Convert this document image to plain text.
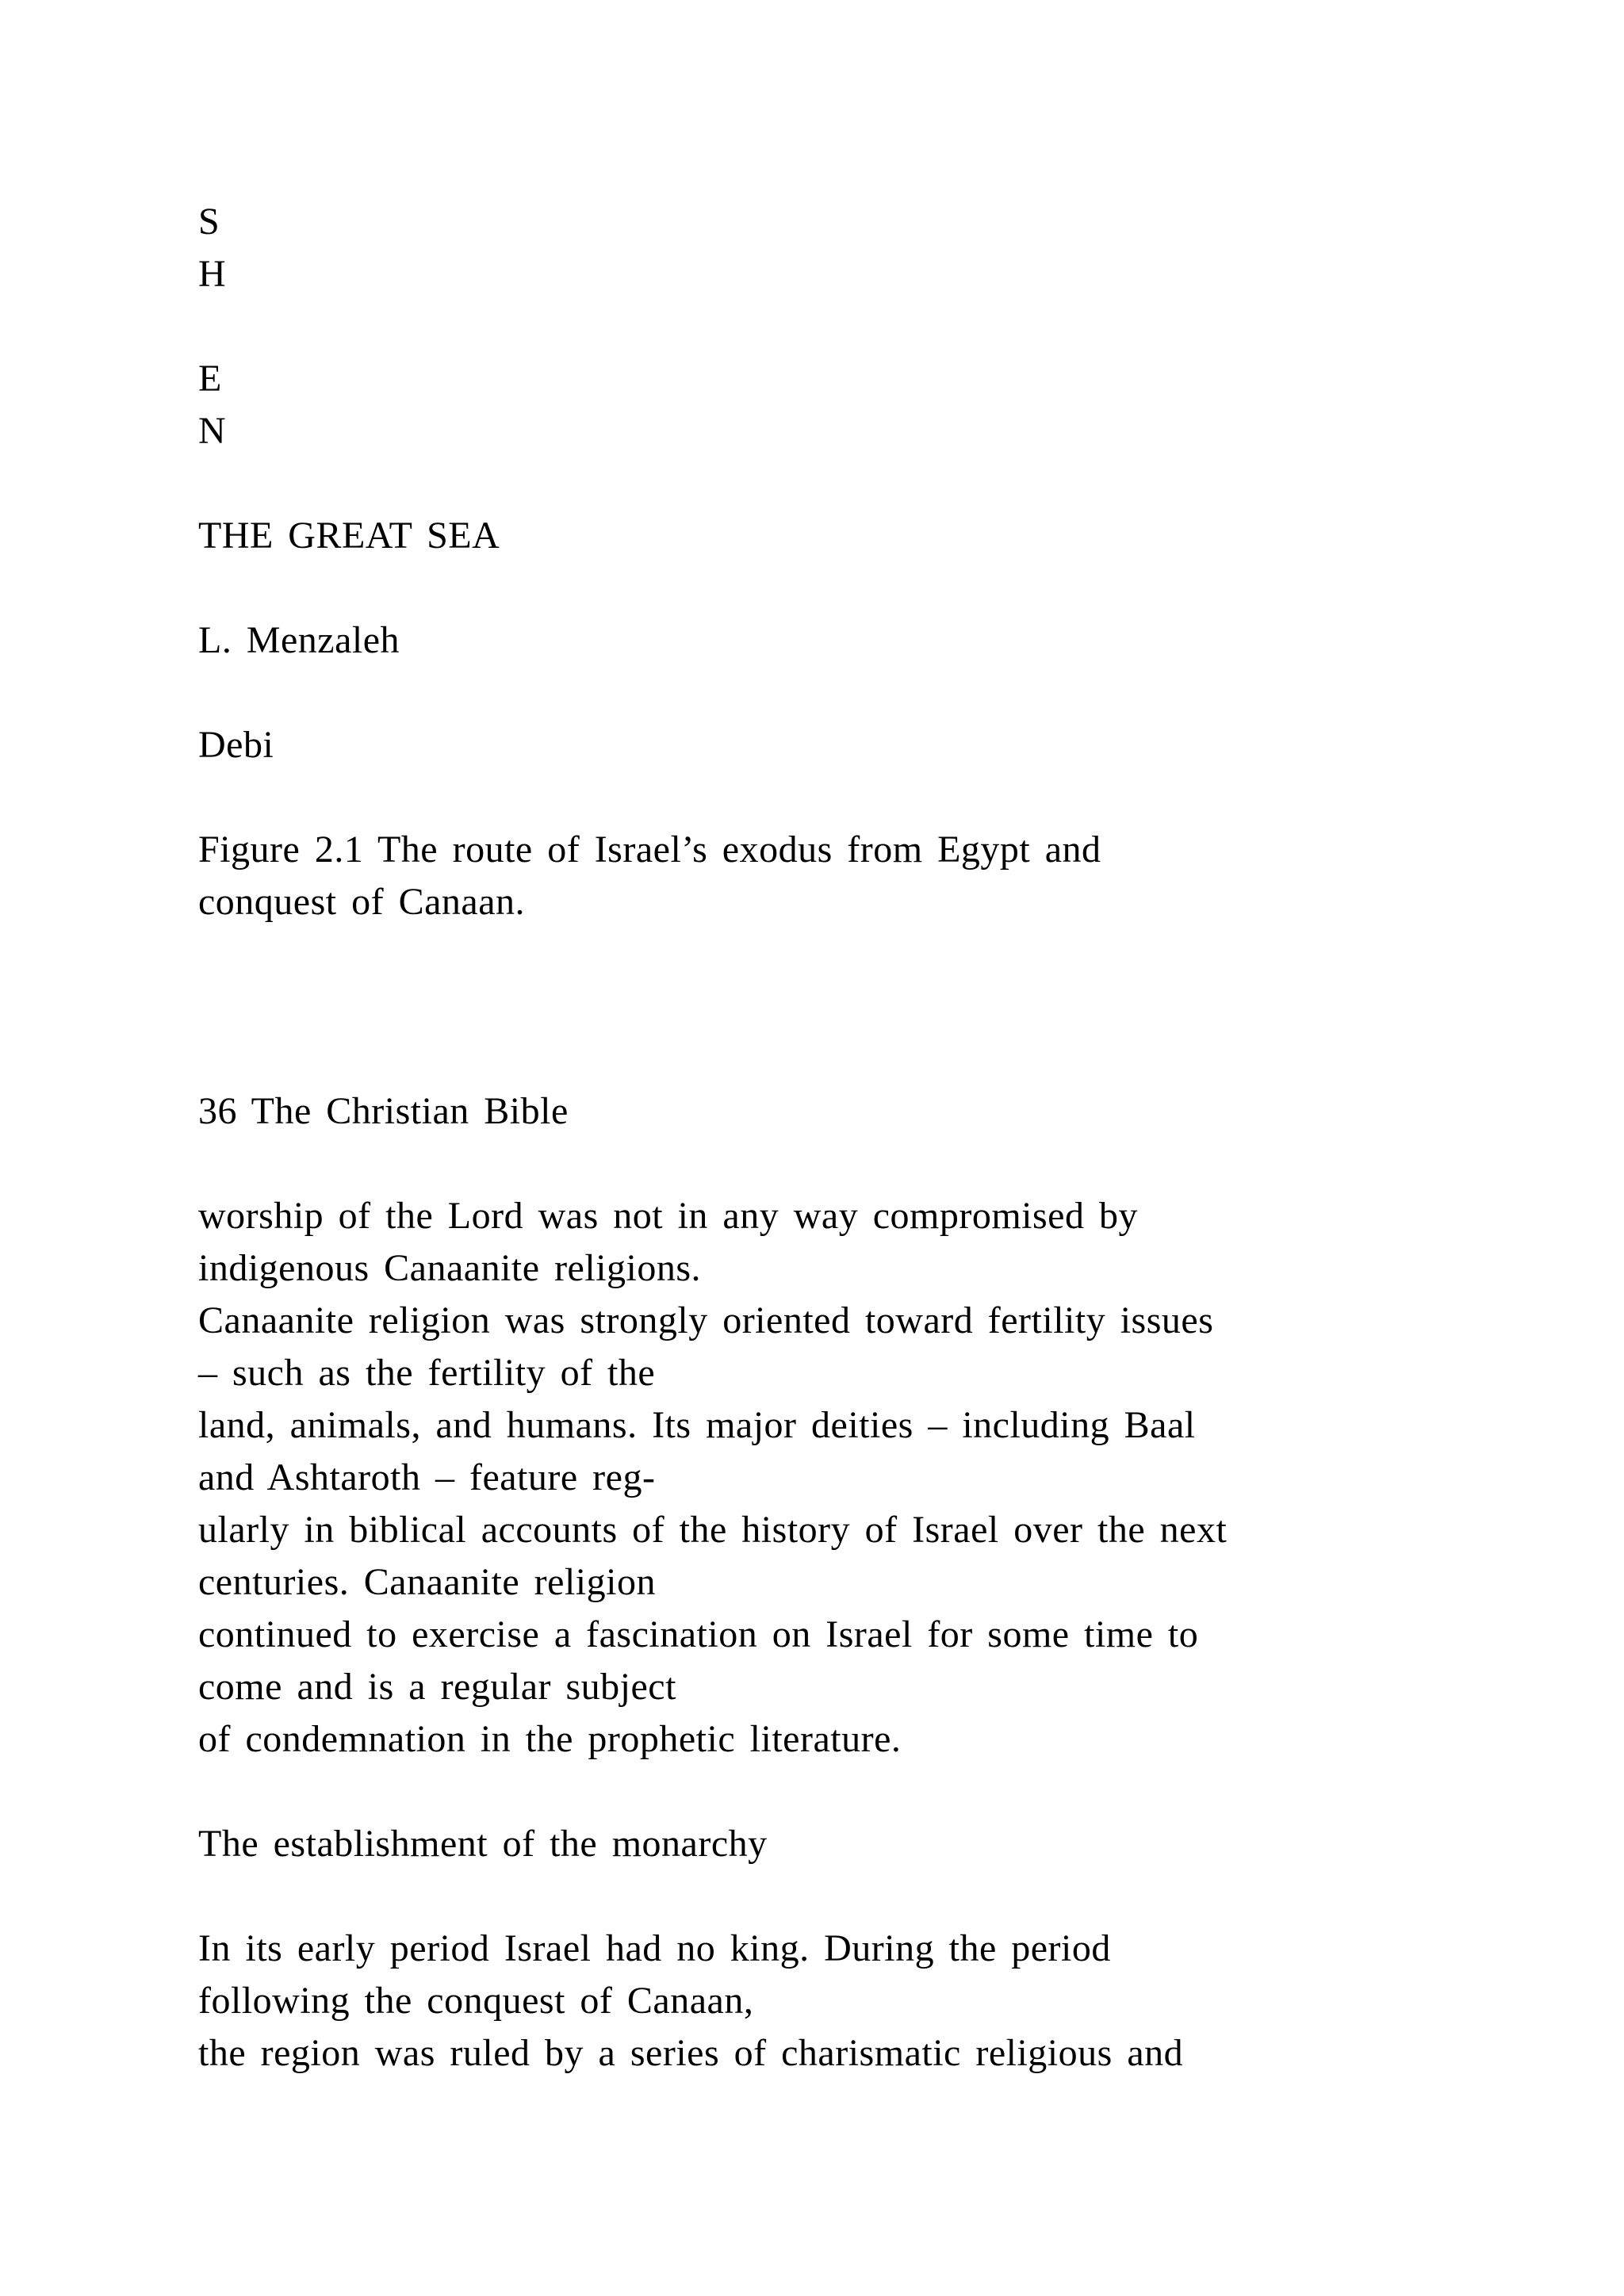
S
H
E
N
THE GREAT SEA
L. Menzaleh
Debi
Figure 2.1 The route of Israel’s exodus from Egypt and
conquest of Canaan.
36 The Christian Bible
worship of the Lord was not in any way compromised by
indigenous Canaanite religions.
Canaanite religion was strongly oriented toward fertility issues
– such as the fertility of the
land, animals, and humans. Its major deities – including Baal
and Ashtaroth – feature reg-
ularly in biblical accounts of the history of Israel over the next
centuries. Canaanite religion
continued to exercise a fascination on Israel for some time to
come and is a regular subject
of condemnation in the prophetic literature.
The establishment of the monarchy
In its early period Israel had no king. During the period
following the conquest of Canaan,
the region was ruled by a series of charismatic religious and
